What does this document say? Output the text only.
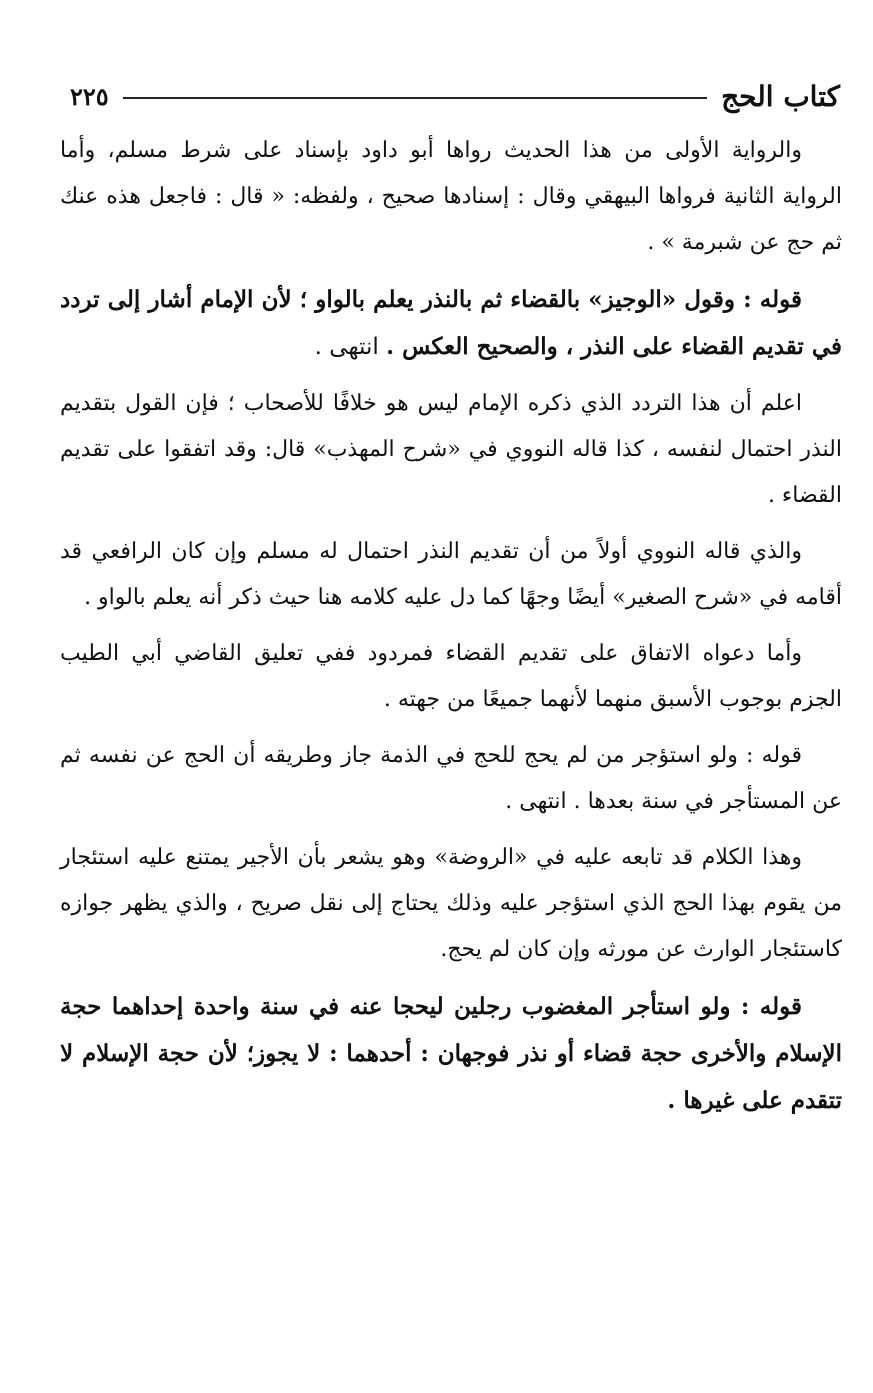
كتاب الحج
٢٢٥

والرواية الأولى من هذا الحديث رواها أبو داود بإسناد على شرط مسلم، وأما الرواية الثانية فرواها البيهقي وقال : إسنادها صحيح ، ولفظه: « قال : فاجعل هذه عنك ثم حج عن شبرمة » .

قوله : وقول «الوجيز» بالقضاء ثم بالنذر يعلم بالواو ؛ لأن الإمام أشار إلى تردد في تقديم القضاء على النذر ، والصحيح العكس . انتهى .

اعلم أن هذا التردد الذي ذكره الإمام ليس هو خلافًا للأصحاب ؛ فإن القول بتقديم النذر احتمال لنفسه ، كذا قاله النووي في «شرح المهذب» قال: وقد اتفقوا على تقديم القضاء .

والذي قاله النووي أولاً من أن تقديم النذر احتمال له مسلم وإن كان الرافعي قد أقامه في «شرح الصغير» أيضًا وجهًا كما دل عليه كلامه هنا حيث ذكر أنه يعلم بالواو .

وأما دعواه الاتفاق على تقديم القضاء فمردود ففي تعليق القاضي أبي الطيب الجزم بوجوب الأسبق منهما لأنهما جميعًا من جهته .

قوله : ولو استؤجر من لم يحج للحج في الذمة جاز وطريقه أن الحج عن نفسه ثم عن المستأجر في سنة بعدها . انتهى .

وهذا الكلام قد تابعه عليه في «الروضة» وهو يشعر بأن الأجير يمتنع عليه استئجار من يقوم بهذا الحج الذي استؤجر عليه وذلك يحتاج إلى نقل صريح ، والذي يظهر جوازه كاستئجار الوارث عن مورثه وإن كان لم يحج.

قوله : ولو استأجر المغضوب رجلين ليحجا عنه في سنة واحدة إحداهما حجة الإسلام والأخرى حجة قضاء أو نذر فوجهان : أحدهما : لا يجوز؛ لأن حجة الإسلام لا تتقدم على غيرها .
